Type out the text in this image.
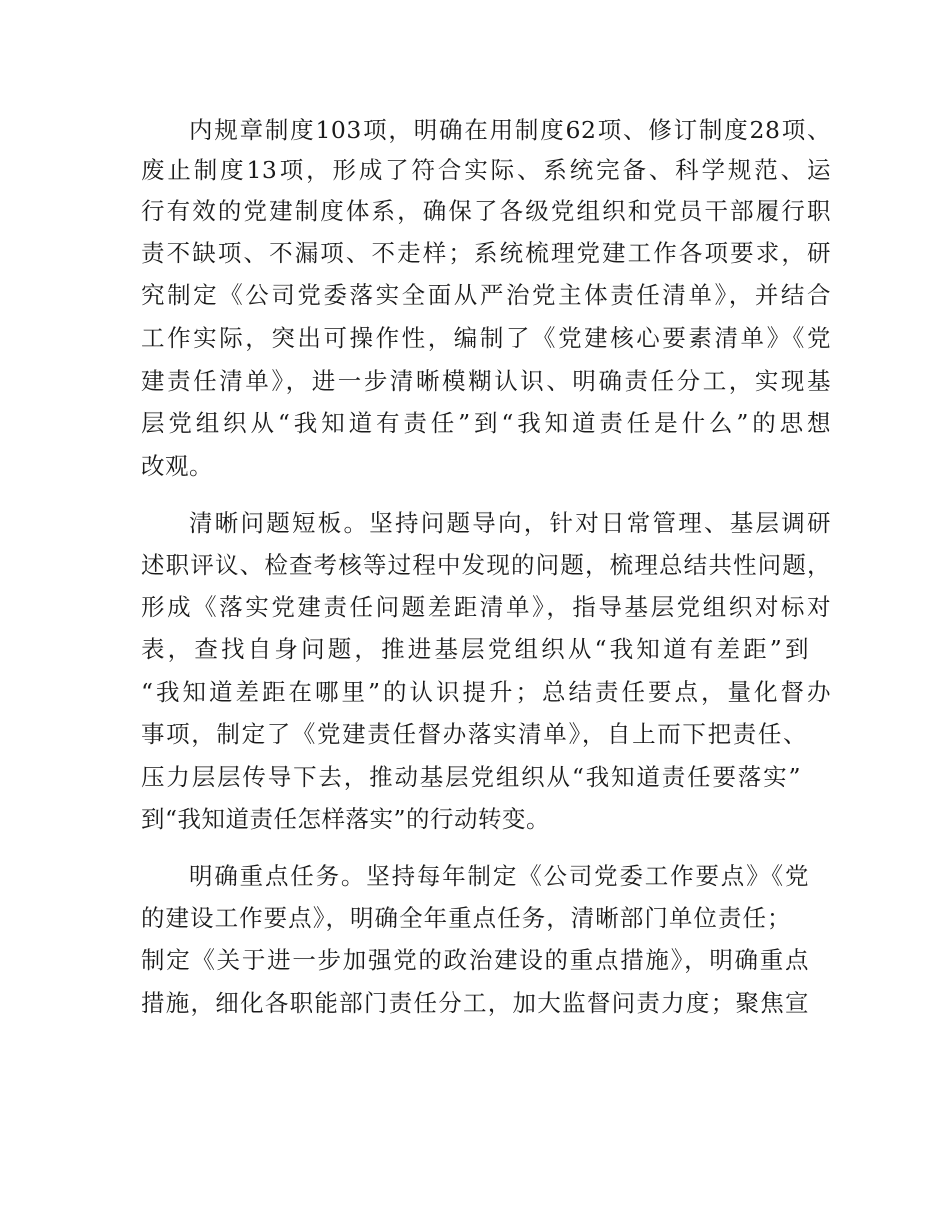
内规章制度103项，明确在用制度62项、修订制度28项、
废止制度13项，形成了符合实际、系统完备、科学规范、运
行有效的党建制度体系，确保了各级党组织和党员干部履行职
责不缺项、不漏项、不走样；系统梳理党建工作各项要求，研
究制定《公司党委落实全面从严治党主体责任清单》，并结合
工作实际，突出可操作性，编制了《党建核心要素清单》《党
建责任清单》，进一步清晰模糊认识、明确责任分工，实现基
层党组织从“我知道有责任”到“我知道责任是什么”的思想
改观。
清晰问题短板。坚持问题导向，针对日常管理、基层调研
述职评议、检查考核等过程中发现的问题，梳理总结共性问题，
形成《落实党建责任问题差距清单》，指导基层党组织对标对
表，查找自身问题，推进基层党组织从“我知道有差距”到
“我知道差距在哪里”的认识提升；总结责任要点，量化督办
事项，制定了《党建责任督办落实清单》，自上而下把责任、
压力层层传导下去，推动基层党组织从“我知道责任要落实”
到“我知道责任怎样落实”的行动转变。
明确重点任务。坚持每年制定《公司党委工作要点》《党
的建设工作要点》，明确全年重点任务，清晰部门单位责任；
制定《关于进一步加强党的政治建设的重点措施》，明确重点
措施，细化各职能部门责任分工，加大监督问责力度；聚焦宣
